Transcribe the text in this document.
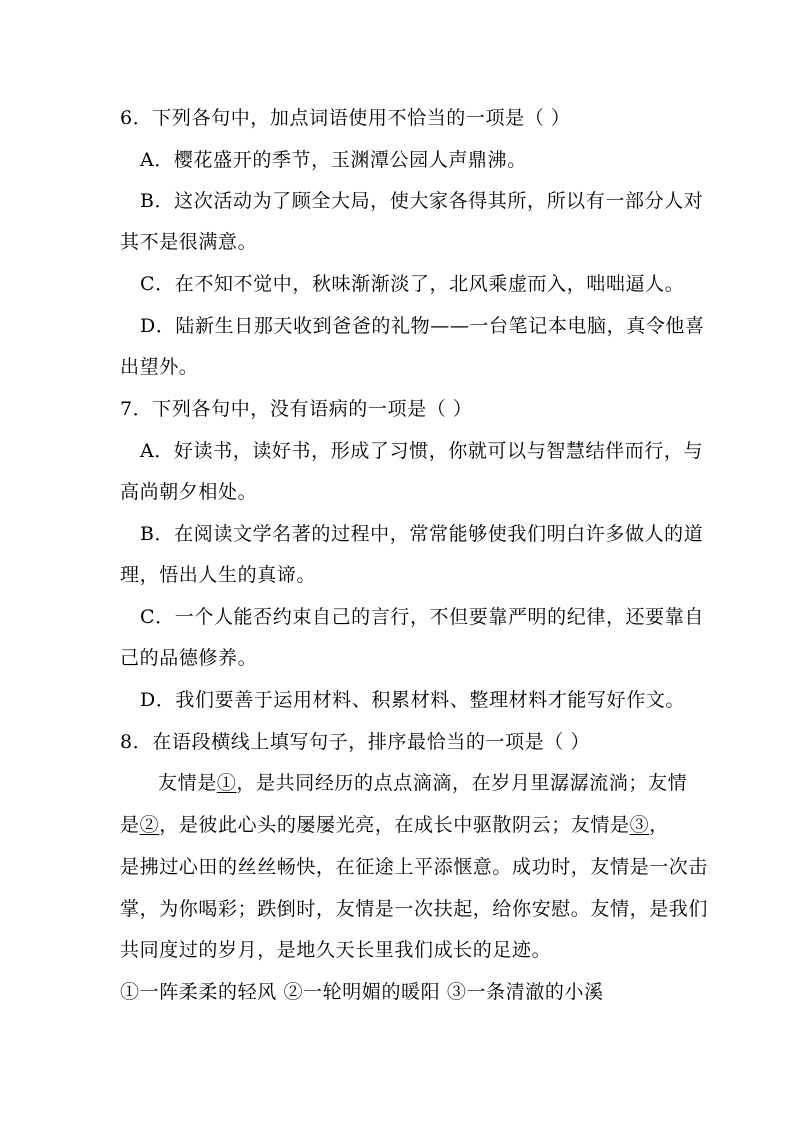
6．下列各句中，加点词语使用不恰当的一项是（ ）
A．樱花盛开的季节，玉渊潭公园人声鼎沸。
B．这次活动为了顾全大局，使大家各得其所，所以有一部分人对
其不是很满意。
C．在不知不觉中，秋味渐渐淡了，北风乘虚而入，咄咄逼人。
D．陆新生日那天收到爸爸的礼物——一台笔记本电脑，真令他喜
出望外。
7．下列各句中，没有语病的一项是（ ）
A．好读书，读好书，形成了习惯，你就可以与智慧结伴而行，与
高尚朝夕相处。
B．在阅读文学名著的过程中，常常能够使我们明白许多做人的道
理，悟出人生的真谛。
C．一个人能否约束自己的言行，不但要靠严明的纪律，还要靠自
己的品德修养。
D．我们要善于运用材料、积累材料、整理材料才能写好作文。
8．在语段横线上填写句子，排序最恰当的一项是（ ）
友情是①，是共同经历的点点滴滴，在岁月里潺潺流淌；友情
是②，是彼此心头的屡屡光亮，在成长中驱散阴云；友情是③，
是拂过心田的丝丝畅快，在征途上平添惬意。成功时，友情是一次击
掌，为你喝彩；跌倒时，友情是一次扶起，给你安慰。友情，是我们
共同度过的岁月，是地久天长里我们成长的足迹。
①一阵柔柔的轻风 ②一轮明媚的暖阳 ③一条清澈的小溪
